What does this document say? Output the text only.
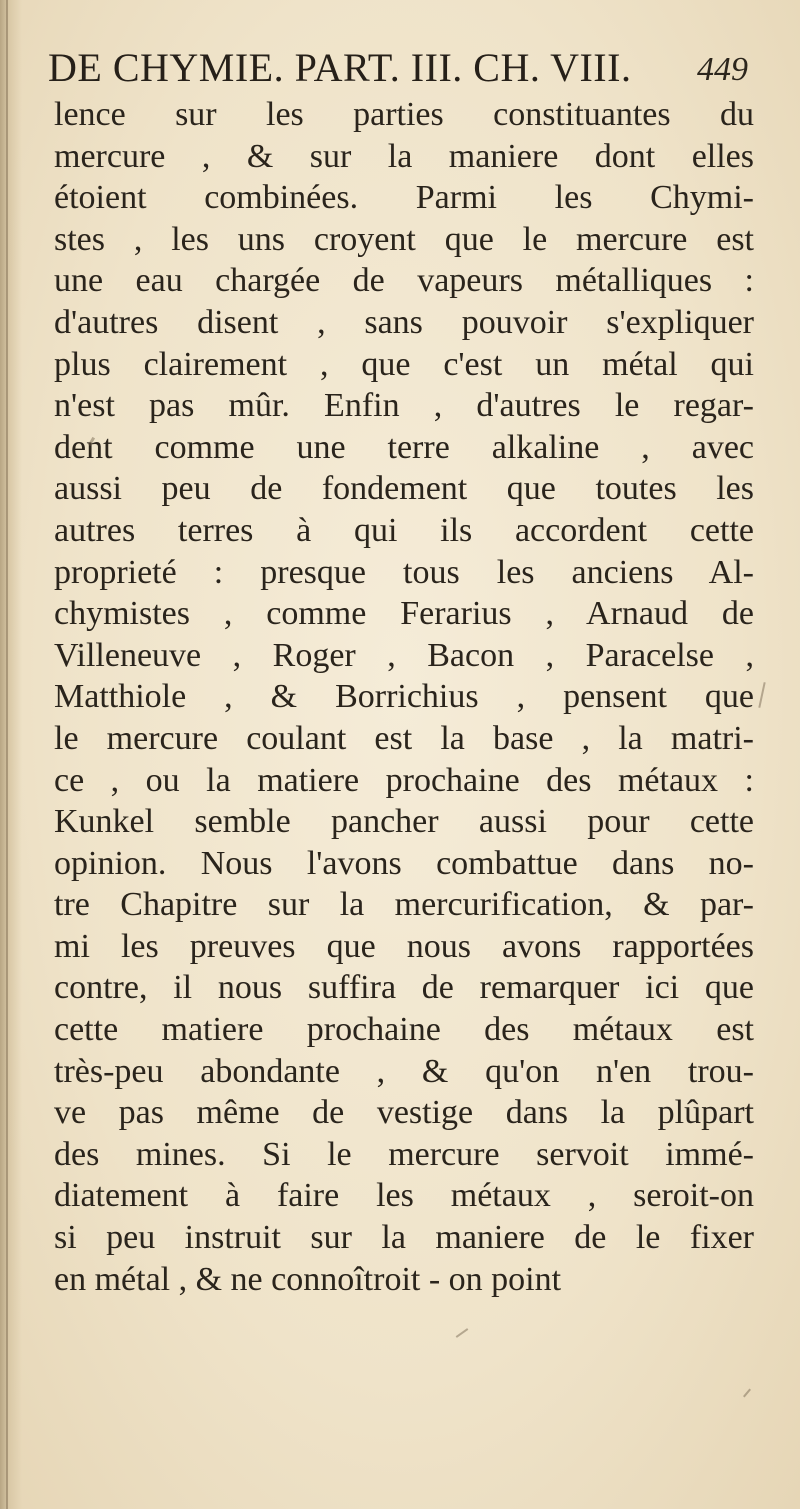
DE CHYMIE. PART. III. CH. VIII.	449
lence sur les parties constituantes du
mercure , & sur la maniere dont elles
étoient combinées. Parmi les Chymi-
stes , les uns croyent que le mercure est
une eau chargée de vapeurs métalliques :
d'autres disent , sans pouvoir s'expliquer
plus clairement , que c'est un métal qui
n'est pas mûr. Enfin , d'autres le regar-
dent comme une terre alkaline , avec
aussi peu de fondement que toutes les
autres terres à qui ils accordent cette
proprieté : presque tous les anciens Al-
chymistes , comme Ferarius , Arnaud de
Villeneuve , Roger , Bacon , Paracelse ,
Matthiole , & Borrichius , pensent que
le mercure coulant est la base , la matri-
ce , ou la matiere prochaine des métaux :
Kunkel semble pancher aussi pour cette
opinion. Nous l'avons combattue dans no-
tre Chapitre sur la mercurification, & par-
mi les preuves que nous avons rapportées
contre, il nous suffira de remarquer ici que
cette matiere prochaine des métaux est
très-peu abondante , & qu'on n'en trou-
ve pas même de vestige dans la plûpart
des mines. Si le mercure servoit immé-
diatement à faire les métaux , seroit-on
si peu instruit sur la maniere de le fixer
en métal , & ne connoîtroit - on point
